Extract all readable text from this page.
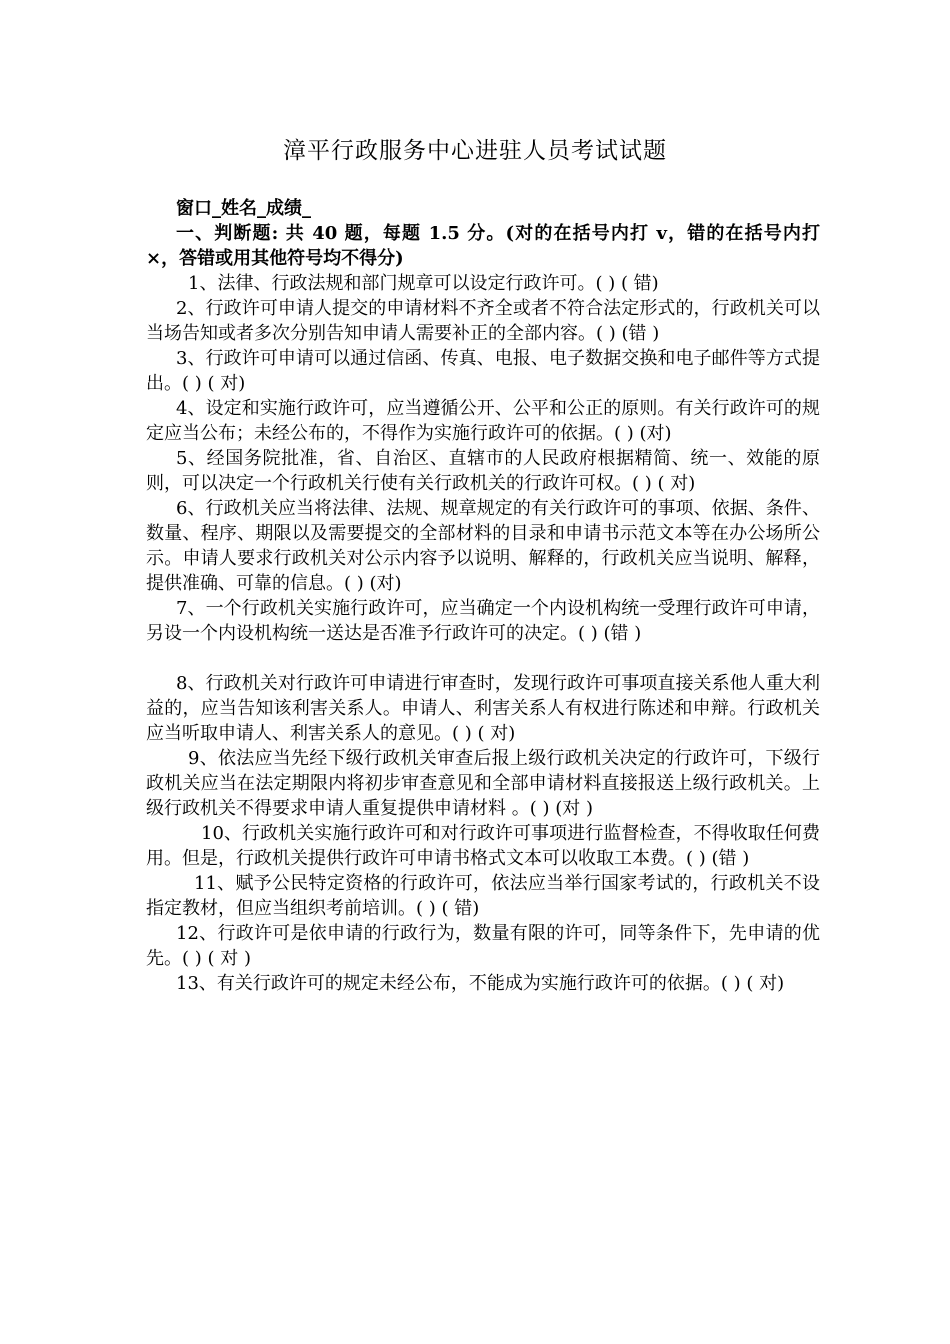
漳平行政服务中心进驻人员考试试题

窗口_姓名_成绩_

一、判断题: 共 40 题，每题 1.5 分。(对的在括号内打 v，错的在括号内打 ×，答错或用其他符号均不得分)

1、法律、行政法规和部门规章可以设定行政许可。( ) ( 错)

2、行政许可申请人提交的申请材料不齐全或者不符合法定形式的，行政机关可以当场告知或者多次分别告知申请人需要补正的全部内容。( ) (错 )

3、行政许可申请可以通过信函、传真、电报、电子数据交换和电子邮件等方式提出。( ) ( 对)

4、设定和实施行政许可，应当遵循公开、公平和公正的原则。有关行政许可的规定应当公布；未经公布的，不得作为实施行政许可的依据。( ) (对)

5、经国务院批准，省、自治区、直辖市的人民政府根据精简、统一、效能的原则，可以决定一个行政机关行使有关行政机关的行政许可权。( ) ( 对)

6、行政机关应当将法律、法规、规章规定的有关行政许可的事项、依据、条件、数量、程序、期限以及需要提交的全部材料的目录和申请书示范文本等在办公场所公示。申请人要求行政机关对公示内容予以说明、解释的，行政机关应当说明、解释，提供准确、可靠的信息。( ) (对)

7、一个行政机关实施行政许可，应当确定一个内设机构统一受理行政许可申请，另设一个内设机构统一送达是否准予行政许可的决定。( ) (错 )

8、行政机关对行政许可申请进行审查时，发现行政许可事项直接关系他人重大利益的，应当告知该利害关系人。申请人、利害关系人有权进行陈述和申辩。行政机关应当听取申请人、利害关系人的意见。( ) ( 对)

9、依法应当先经下级行政机关审查后报上级行政机关决定的行政许可，下级行政机关应当在法定期限内将初步审查意见和全部申请材料直接报送上级行政机关。上级行政机关不得要求申请人重复提供申请材料 。( ) (对 )

10、行政机关实施行政许可和对行政许可事项进行监督检查，不得收取任何费用。但是，行政机关提供行政许可申请书格式文本可以收取工本费。( ) (错 )

11、赋予公民特定资格的行政许可，依法应当举行国家考试的，行政机关不设指定教材，但应当组织考前培训。( ) ( 错)

12、行政许可是依申请的行政行为，数量有限的许可，同等条件下，先申请的优先。( ) ( 对 )

13、有关行政许可的规定未经公布，不能成为实施行政许可的依据。( ) ( 对)
